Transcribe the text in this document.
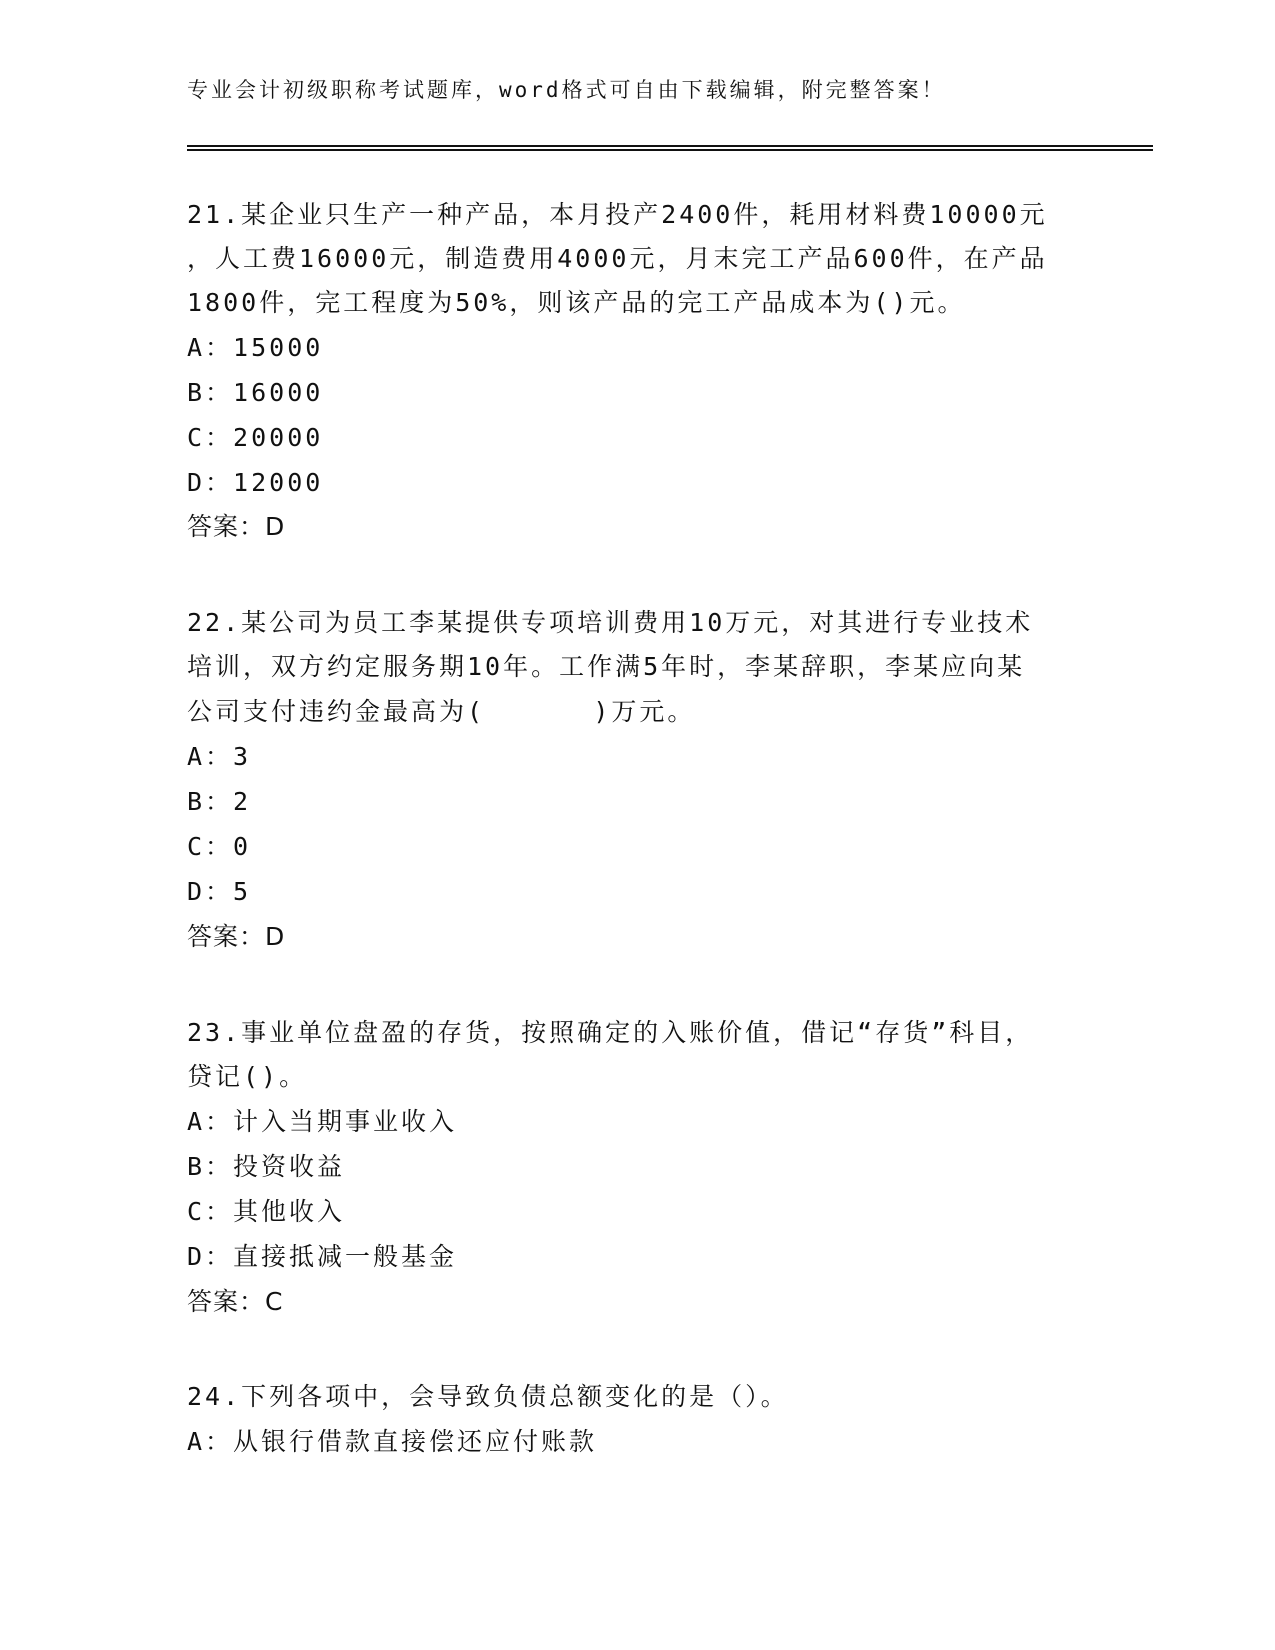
专业会计初级职称考试题库，word格式可自由下载编辑，附完整答案！
21.某企业只生产一种产品，本月投产2400件，耗用材料费10000元
，人工费16000元，制造费用4000元，月末完工产品600件，在产品
1800件，完工程度为50%，则该产品的完工产品成本为()元。
A：15000
B：16000
C：20000
D：12000
答案：D
22.某公司为员工李某提供专项培训费用10万元，对其进行专业技术
培训，双方约定服务期10年。工作满5年时，李某辞职，李某应向某
公司支付违约金最高为(      )万元。
A：3
B：2
C：0
D：5
答案：D
23.事业单位盘盈的存货，按照确定的入账价值，借记“存货”科目，
贷记()。
A：计入当期事业收入
B：投资收益
C：其他收入
D：直接抵减一般基金
答案：C
24.下列各项中，会导致负债总额变化的是（）。
A：从银行借款直接偿还应付账款
